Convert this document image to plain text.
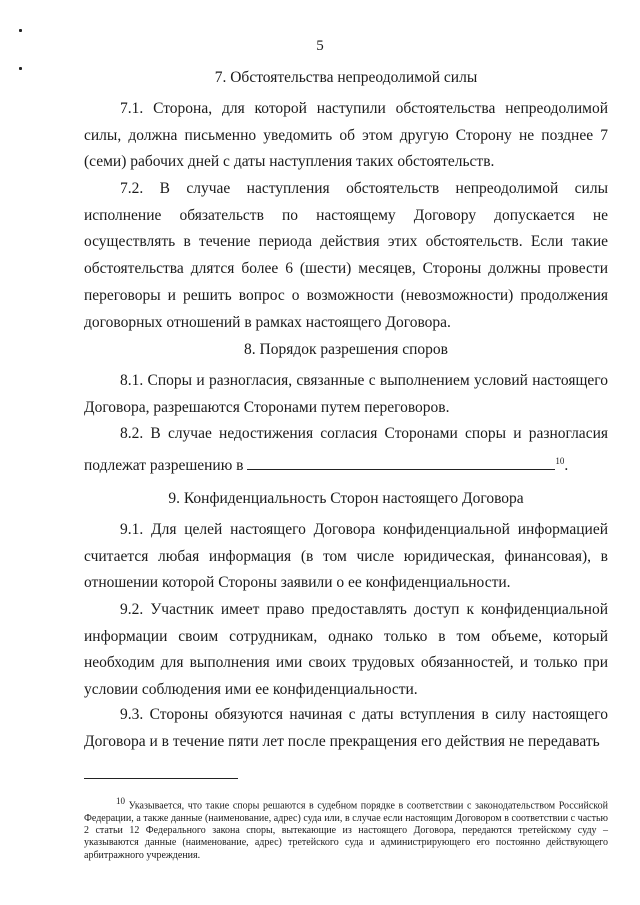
5
7. Обстоятельства непреодолимой силы

7.1. Сторона, для которой наступили обстоятельства непреодолимой силы, должна письменно уведомить об этом другую Сторону не позднее 7 (семи) рабочих дней с даты наступления таких обстоятельств.

7.2. В случае наступления обстоятельств непреодолимой силы исполнение обязательств по настоящему Договору допускается не осуществлять в течение периода действия этих обстоятельств. Если такие обстоятельства длятся более 6 (шести) месяцев, Стороны должны провести переговоры и решить вопрос о возможности (невозможности) продолжения договорных отношений в рамках настоящего Договора.

8. Порядок разрешения споров

8.1. Споры и разногласия, связанные с выполнением условий настоящего Договора, разрешаются Сторонами путем переговоров.

8.2. В случае недостижения согласия Сторонами споры и разногласия подлежат разрешению в	$^{10}$.

9. Конфиденциальность Сторон настоящего Договора

9.1. Для целей настоящего Договора конфиденциальной информацией считается любая информация (в том числе юридическая, финансовая), в отношении которой Стороны заявили о ее конфиденциальности.

9.2. Участник имеет право предоставлять доступ к конфиденциальной информации своим сотрудникам, однако только в том объеме, который необходим для выполнения ими своих трудовых обязанностей, и только при условии соблюдения ими ее конфиденциальности.

9.3. Стороны обязуются начиная с даты вступления в силу настоящего Договора и в течение пяти лет после прекращения его действия не передавать

10 Указывается, что такие споры решаются в судебном порядке в соответствии с законодательством Российской Федерации, а также данные (наименование, адрес) суда или, в случае если настоящим Договором в соответствии с частью 2 статьи 12 Федерального закона споры, вытекающие из настоящего Договора, передаются третейскому суду – указываются данные (наименование, адрес) третейского суда и администрирующего его постоянно действующего арбитражного учреждения.
